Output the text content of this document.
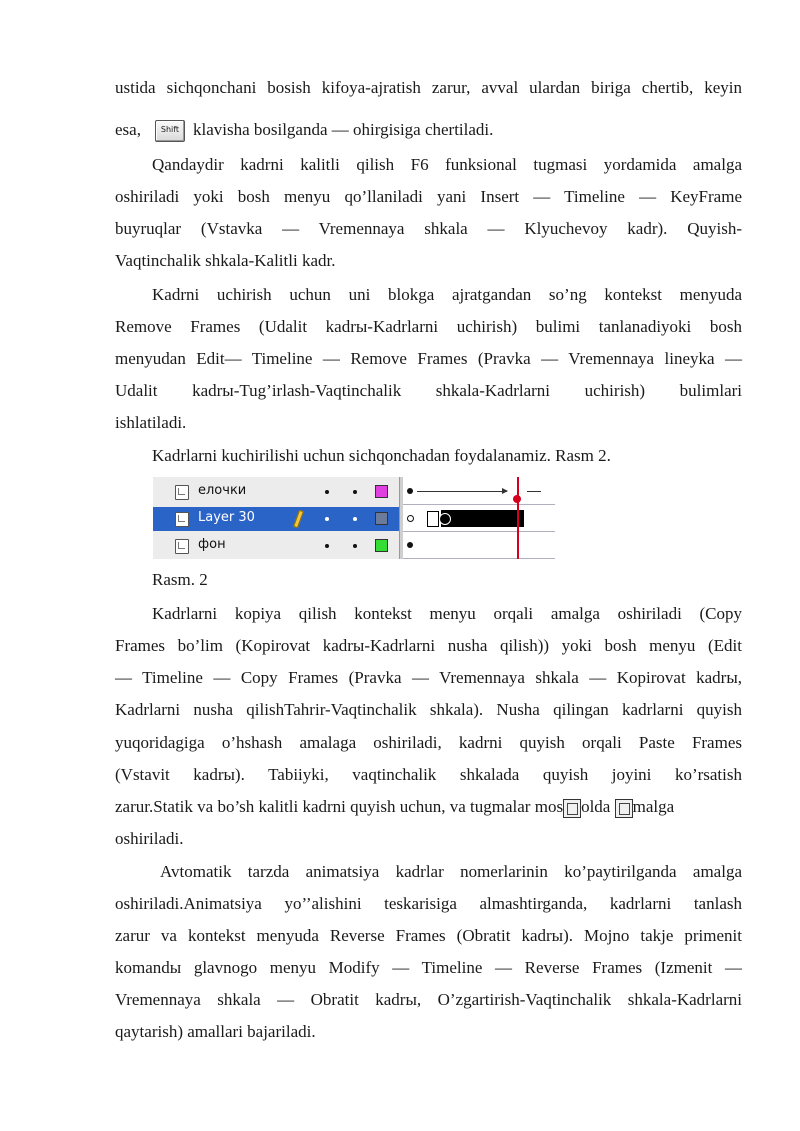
ustida sichqonchani bosish kifoya-ajratish zarur, avval ulardan biriga chertib, keyin
esa, Shift klavisha bosilganda — ohirgisiga chertiladi.
Qandaydir kadrni kalitli qilish F6 funksional tugmasi yordamida amalga
oshiriladi yoki bosh menyu qo’llaniladi yani Insert — Timeline — KeyFrame
buyruqlar (Vstavka — Vremennaya shkala — Klyuchevoy kadr). Quyish-
Vaqtinchalik shkala-Kalitli kadr.
Kadrni uchirish uchun uni blokga ajratgandan so’ng kontekst menyuda
Remove Frames (Udalit kadrы-Kadrlarni uchirish) bulimi tanlanadiyoki bosh
menyudan Edit— Timeline — Remove Frames (Pravka — Vremennaya lineyka —
Udalit kadrы-Tug’irlash-Vaqtinchalik shkala-Kadrlarni uchirish) bulimlari
ishlatiladi.
Kadrlarni kuchirilishi uchun sichqonchadan foydalanamiz. Rasm 2.
елочки
Layer 30
фон
Rasm. 2
Kadrlarni kopiya qilish kontekst menyu orqali amalga oshiriladi (Copy
Frames bo’lim (Kopirovat kadrы-Kadrlarni nusha qilish)) yoki bosh menyu (Edit
— Timeline — Copy Frames (Pravka — Vremennaya shkala — Kopirovat kadrы,
Kadrlarni nusha qilishTahrir-Vaqtinchalik shkala). Nusha qilingan kadrlarni quyish
yuqoridagiga o’hshash amalaga oshiriladi, kadrni quyish orqali Paste Frames
(Vstavit kadrы). Tabiiyki, vaqtinchalik shkalada quyish joyini ko’rsatish
zarur.Statik va bo’sh kalitli kadrni quyish uchun, va tugmalar mos olda malga
oshiriladi.
Avtomatik tarzda animatsiya kadrlar nomerlarinin ko’paytirilganda amalga
oshiriladi.Animatsiya yo’’alishini teskarisiga almashtirganda, kadrlarni tanlash
zarur va kontekst menyuda Reverse Frames (Obratit kadrы). Mojno takje primenit
komandы glavnogo menyu Modify — Timeline — Reverse Frames (Izmenit —
Vremennaya shkala — Obratit kadrы, O’zgartirish-Vaqtinchalik shkala-Kadrlarni
qaytarish) amallari bajariladi.
